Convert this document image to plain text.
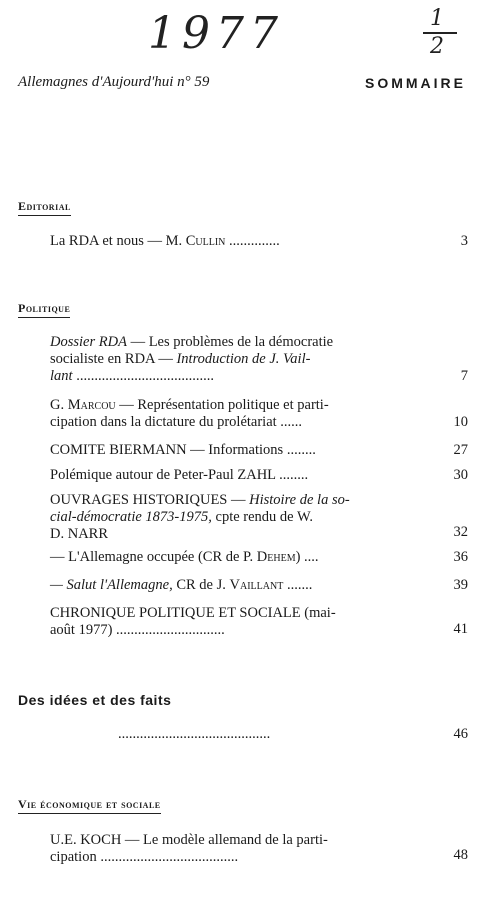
1977	1
2
Allemagnes d'Aujourd'hui n° 59	SOMMAIRE
Editorial
La RDA et nous — M. Cullin ..............	3
Politique
Dossier RDA — Les problèmes de la démocratie
socialiste en RDA — Introduction de J. Vail-
lant ......................................	7
G. Marcou — Représentation politique et parti-
cipation dans la dictature du prolétariat ......	10
COMITE BIERMANN — Informations ........	27
Polémique autour de Peter-Paul ZAHL ........	30
OUVRAGES HISTORIQUES — Histoire de la so-
cial-démocratie 1873-1975, cpte rendu de W.
D. NARR	32
— L'Allemagne occupée (CR de P. Dehem) ....	36
— Salut l'Allemagne, CR de J. Vaillant .......	39
CHRONIQUE POLITIQUE ET SOCIALE (mai-
août 1977) ..............................	41
Des idées et des faits
..........................................	46
Vie économique et sociale
U.E. KOCH — Le modèle allemand de la parti-
cipation ......................................	48
